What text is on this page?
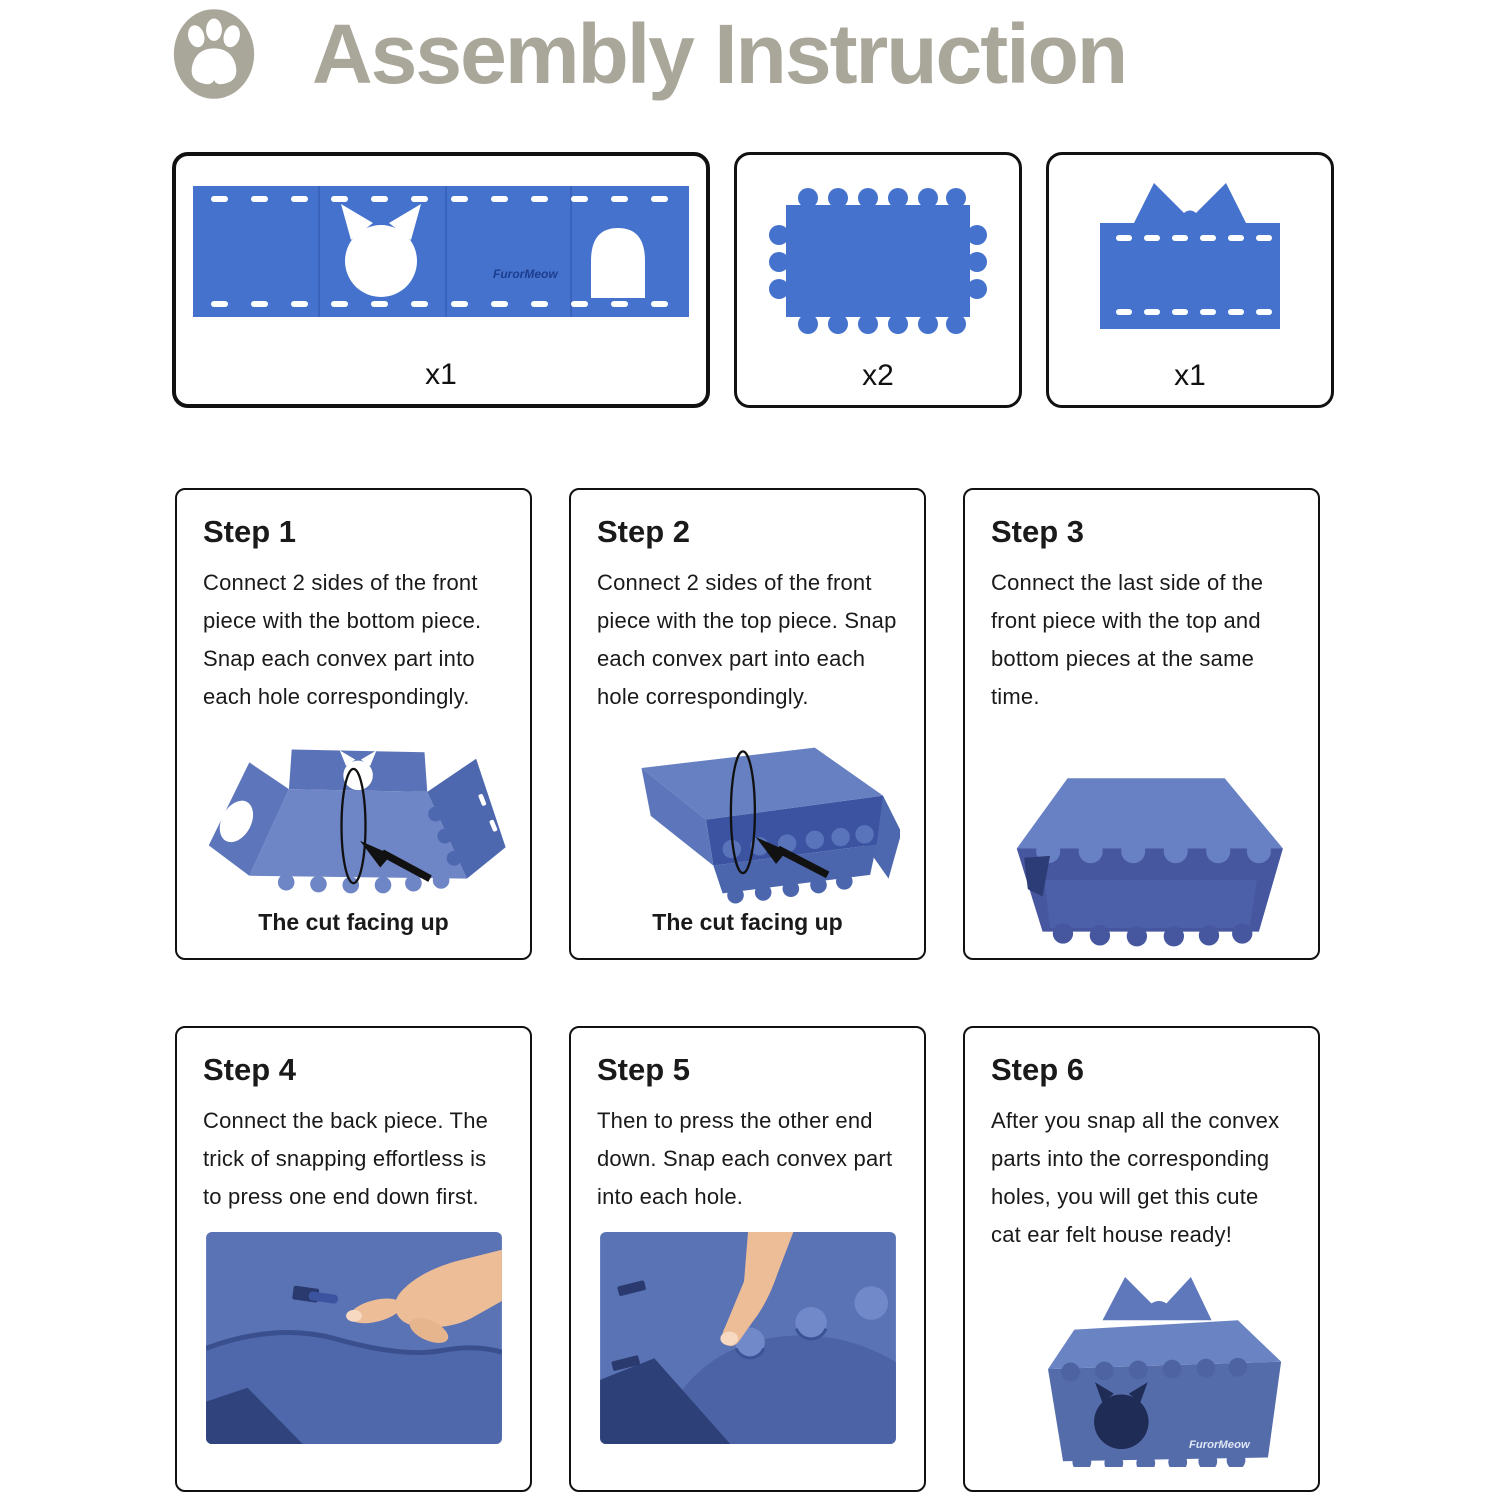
Assembly Instruction
FurorMeow
x1	x2	x1
Step 1
Connect 2 sides of the front piece with the bottom piece. Snap each convex part into each hole correspondingly.
The cut facing up
Step 2
Connect 2 sides of the front piece with the top piece. Snap each convex part into each hole correspondingly.
The cut facing up
Step 3
Connect the last side of the front piece with the top and bottom pieces at the same time.
Step 4
Connect the back piece. The trick of snapping effortless is to press one end down first.
Step 5
Then to press the other end down. Snap each convex part into each hole.
Step 6
After you snap all the convex parts into the corresponding holes, you will get this cute cat ear felt house ready!
FurorMeow
